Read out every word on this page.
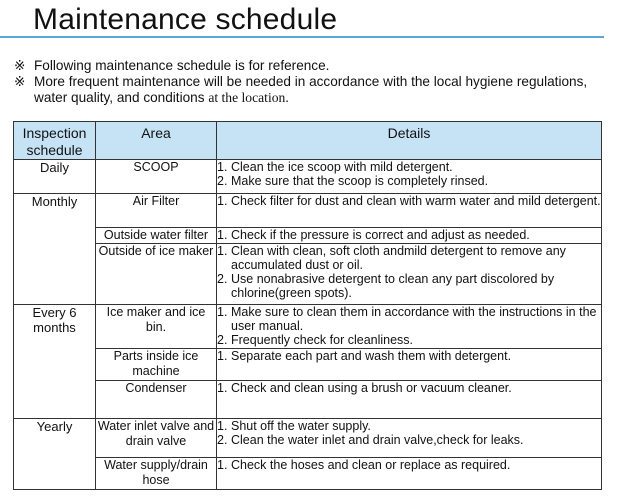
Maintenance schedule
※ Following maintenance schedule is for reference.
※ More frequent maintenance will be needed in accordance with the local hygiene regulations, water quality, and conditions at the location.
Inspection schedule	Area	Details
Daily	SCOOP	1. Clean the ice scoop with mild detergent.
2. Make sure that the scoop is completely rinsed.

Monthly	Air Filter	1. Check filter for dust and clean with warm water and mild detergent.

	Outside water filter	1. Check if the pressure is correct and adjust as needed.

	Outside of ice maker	1. Clean with clean, soft cloth andmild detergent to remove any accumulated dust or oil.
2. Use nonabrasive detergent to clean any part discolored by chlorine(green spots).

Every 6 months	Ice maker and ice bin.	1. Make sure to clean them in accordance with the instructions in the user manual.
2. Frequently check for cleanliness.

	Parts inside ice machine	1. Separate each part and wash them with detergent.

	Condenser	1. Check and clean using a brush or vacuum cleaner.

Yearly	Water inlet valve and drain valve	1. Shut off the water supply.
2. Clean the water inlet and drain valve,check for leaks.

	Water supply/drain hose	1. Check the hoses and clean or replace as required.
